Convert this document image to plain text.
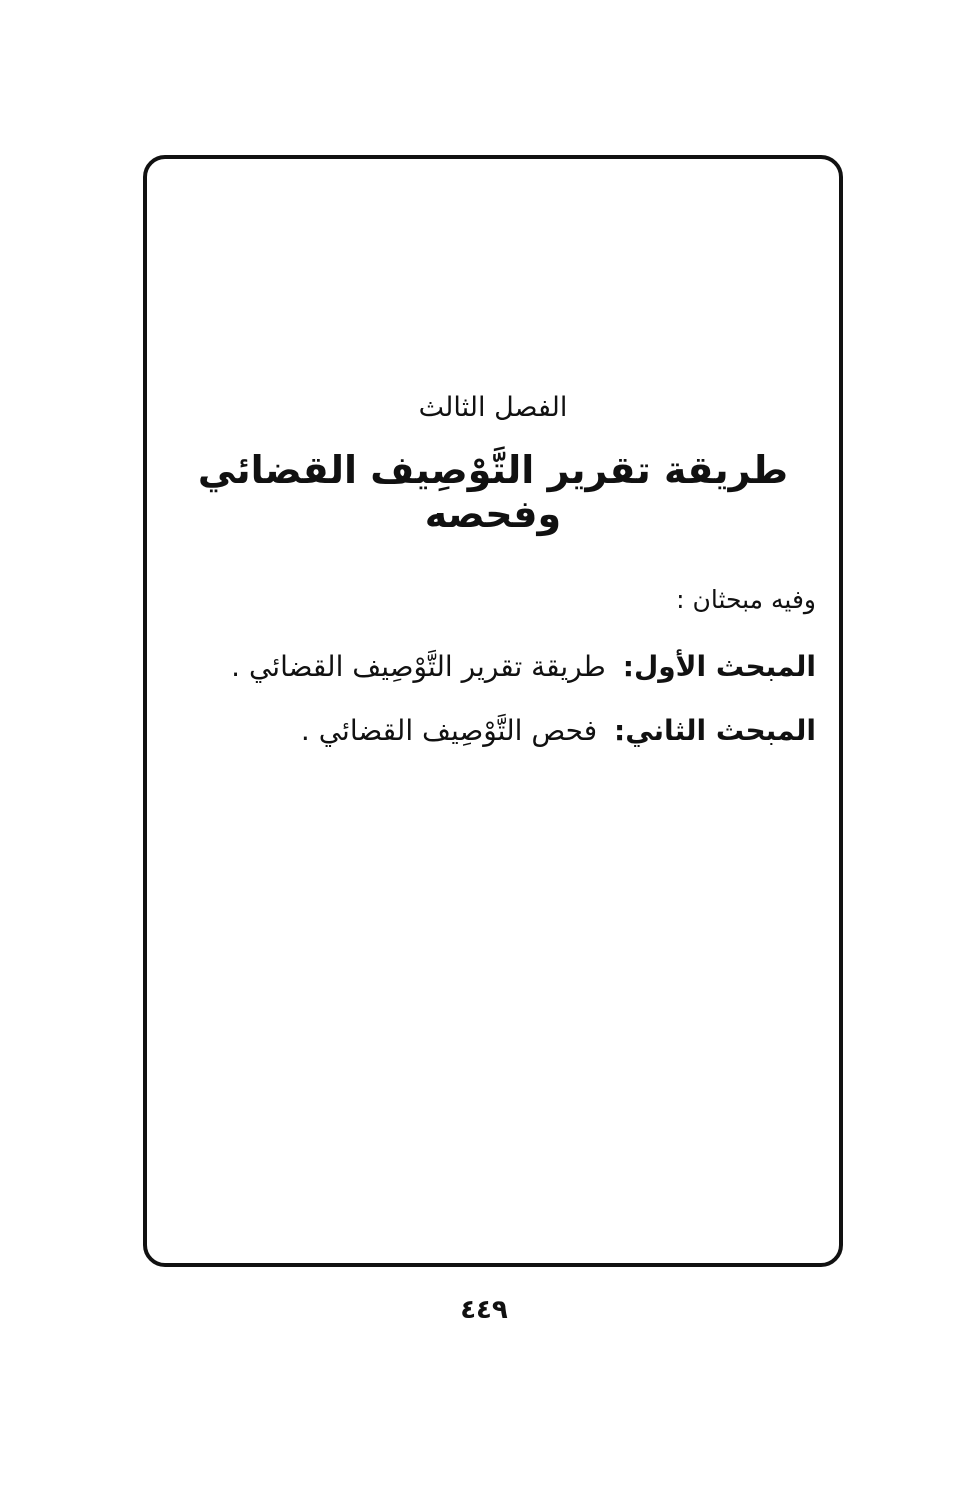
الفصل الثالث
طريقة تقرير التَّوْصِيف القضائي وفحصه
وفيه مبحثان :
المبحث الأول: طريقة تقرير التَّوْصِيف القضائي .
المبحث الثاني: فحص التَّوْصِيف القضائي .
٤٤٩
